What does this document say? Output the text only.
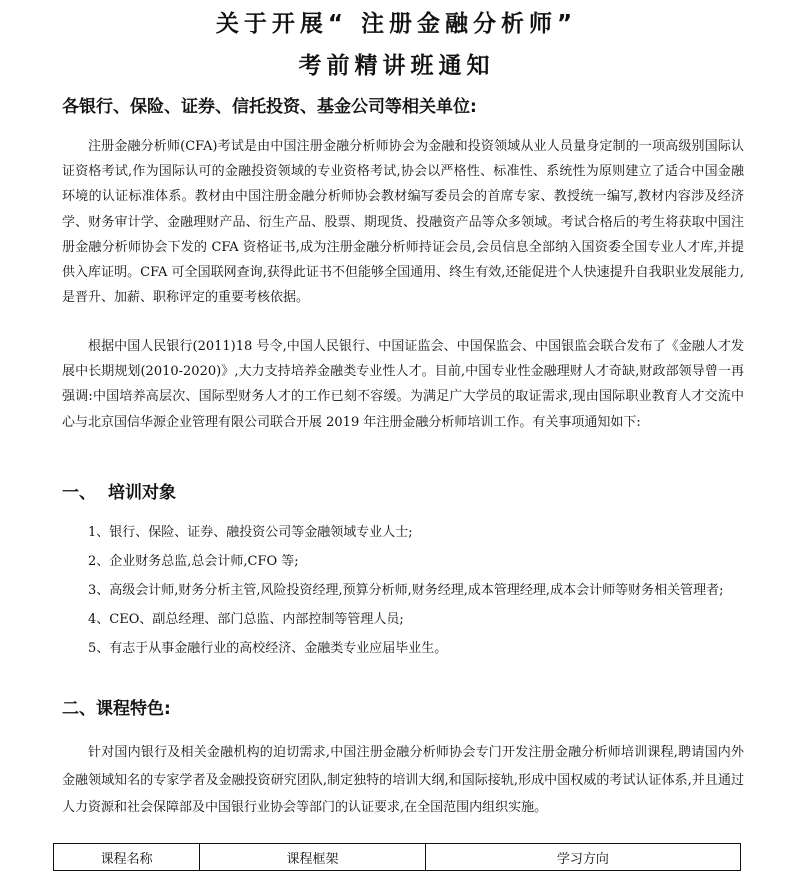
关于开展“ 注册金融分析师”
考前精讲班通知

各银行、保险、证券、信托投资、基金公司等相关单位:

注册金融分析师(CFA)考试是由中国注册金融分析师协会为金融和投资领域从业人员量身定制的一项高级别国际认证资格考试,作为国际认可的金融投资领域的专业资格考试,协会以严格性、标准性、系统性为原则建立了适合中国金融环境的认证标准体系。教材由中国注册金融分析师协会教材编写委员会的首席专家、教授统一编写,教材内容涉及经济学、财务审计学、金融理财产品、衍生产品、股票、期现货、投融资产品等众多领域。考试合格后的考生将获取中国注册金融分析师协会下发的 CFA 资格证书,成为注册金融分析师持证会员,会员信息全部纳入国资委全国专业人才库,并提供入库证明。CFA 可全国联网查询,获得此证书不但能够全国通用、终生有效,还能促进个人快速提升自我职业发展能力,是晋升、加薪、职称评定的重要考核依据。

根据中国人民银行(2011)18 号令,中国人民银行、中国证监会、中国保监会、中国银监会联合发布了《金融人才发展中长期规划(2010-2020)》,大力支持培养金融类专业性人才。目前,中国专业性金融理财人才奇缺,财政部领导曾一再强调:中国培养高层次、国际型财务人才的工作已刻不容缓。为满足广大学员的取证需求,现由国际职业教育人才交流中心与北京国信华源企业管理有限公司联合开展 2019 年注册金融分析师培训工作。有关事项通知如下:

一、 培训对象
1、银行、保险、证券、融投资公司等金融领域专业人士;
2、企业财务总监,总会计师,CFO 等;
3、高级会计师,财务分析主管,风险投资经理,预算分析师,财务经理,成本管理经理,成本会计师等财务相关管理者;
4、CEO、副总经理、部门总监、内部控制等管理人员;
5、有志于从事金融行业的高校经济、金融类专业应届毕业生。
二、课程特色:

针对国内银行及相关金融机构的迫切需求,中国注册金融分析师协会专门开发注册金融分析师培训课程,聘请国内外金融领域知名的专家学者及金融投资研究团队,制定独特的培训大纲,和国际接轨,形成中国权威的考试认证体系,并且通过人力资源和社会保障部及中国银行业协会等部门的认证要求,在全国范围内组织实施。

课程名称	课程框架	学习方向
